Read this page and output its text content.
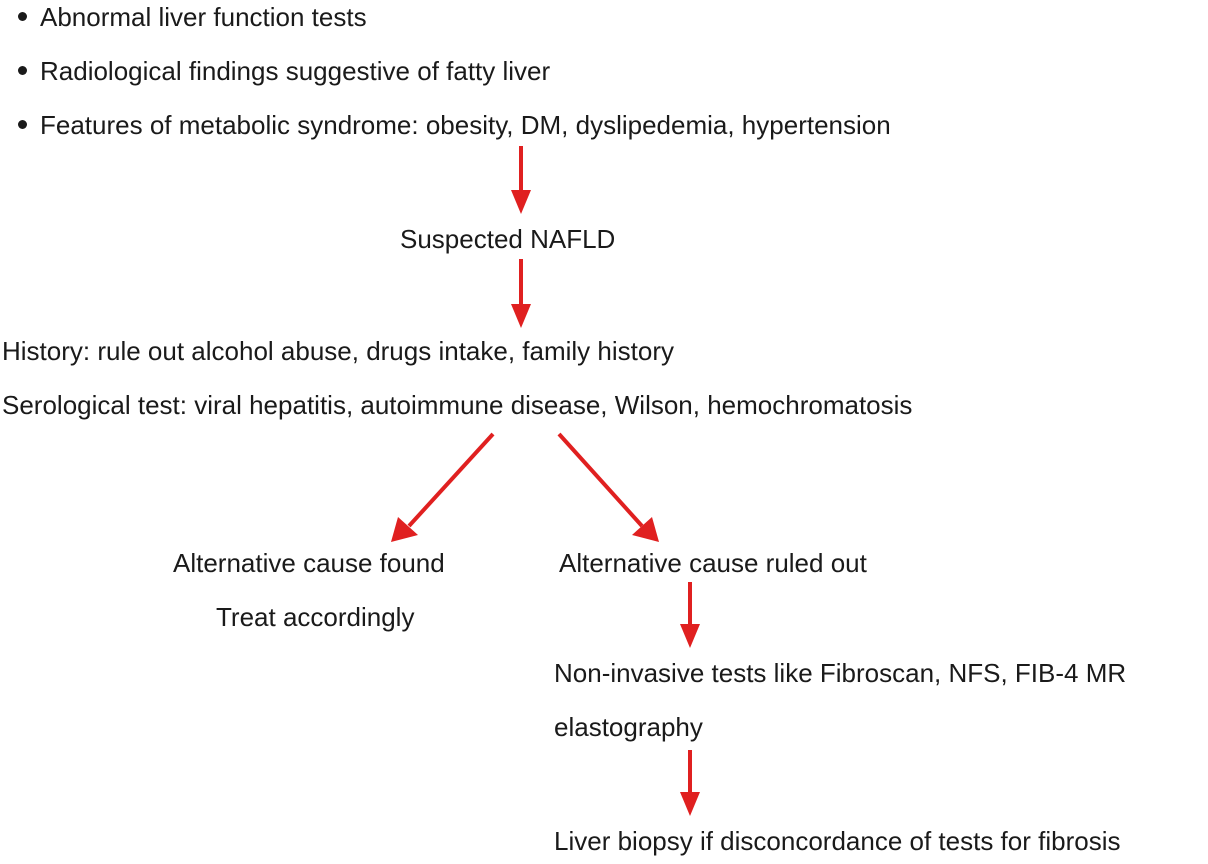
Abnormal liver function tests

Radiological findings suggestive of fatty liver

Features of metabolic syndrome: obesity, DM, dyslipedemia, hypertension

Suspected NAFLD

History: rule out alcohol abuse, drugs intake, family history

Serological test: viral hepatitis, autoimmune disease, Wilson, hemochromatosis

Alternative cause found

Treat accordingly

Alternative cause ruled out

Non-invasive tests like Fibroscan, NFS, FIB-4 MR

elastography

Liver biopsy if disconcordance of tests for fibrosis
